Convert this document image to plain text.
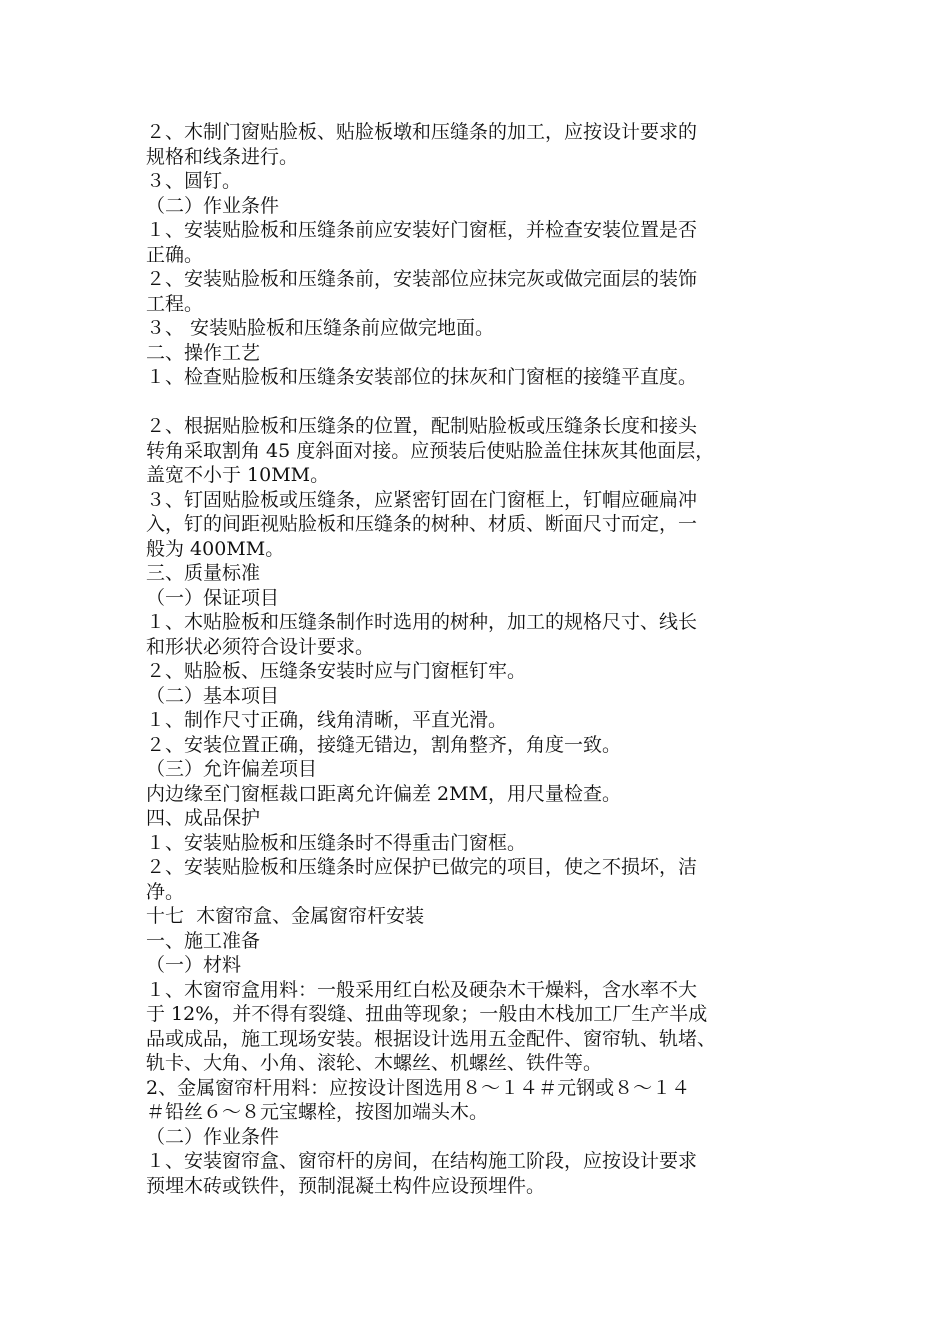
２、木制门窗贴脸板、贴脸板墩和压缝条的加工，应按设计要求的
规格和线条进行。
３、圆钉。
（二）作业条件
１、安装贴脸板和压缝条前应安装好门窗框，并检查安装位置是否
正确。
２、安装贴脸板和压缝条前，安装部位应抹完灰或做完面层的装饰
工程。
３、 安装贴脸板和压缝条前应做完地面。
二、操作工艺
１、检查贴脸板和压缝条安装部位的抹灰和门窗框的接缝平直度。
２、根据贴脸板和压缝条的位置，配制贴脸板或压缝条长度和接头
转角采取割角 45 度斜面对接。应预装后使贴脸盖住抹灰其他面层，
盖宽不小于 10MM。
３、钉固贴脸板或压缝条，应紧密钉固在门窗框上，钉帽应砸扁冲
入，钉的间距视贴脸板和压缝条的树种、材质、断面尺寸而定，一
般为 400MM。
三、质量标准
（一）保证项目
１、木贴脸板和压缝条制作时选用的树种，加工的规格尺寸、线长
和形状必须符合设计要求。
２、贴脸板、压缝条安装时应与门窗框钉牢。
（二）基本项目
１、制作尺寸正确，线角清晰，平直光滑。
２、安装位置正确，接缝无错边，割角整齐，角度一致。
（三）允许偏差项目
内边缘至门窗框裁口距离允许偏差 2MM，用尺量检查。
四、成品保护
１、安装贴脸板和压缝条时不得重击门窗框。
２、安装贴脸板和压缝条时应保护已做完的项目，使之不损坏，洁
净。
十七  木窗帘盒、金属窗帘杆安装
一、施工准备
（一）材料
１、木窗帘盒用料：一般采用红白松及硬杂木干燥料，含水率不大
于 12%，并不得有裂缝、扭曲等现象；一般由木栈加工厂生产半成
品或成品，施工现场安装。根据设计选用五金配件、窗帘轨、轨堵、
轨卡、大角、小角、滚轮、木螺丝、机螺丝、铁件等。
2、金属窗帘杆用料：应按设计图选用８～１４＃元钢或８～１４
＃铅丝６～８元宝螺栓，按图加端头木。
（二）作业条件
１、安装窗帘盒、窗帘杆的房间，在结构施工阶段，应按设计要求
预埋木砖或铁件，预制混凝土构件应设预埋件。
